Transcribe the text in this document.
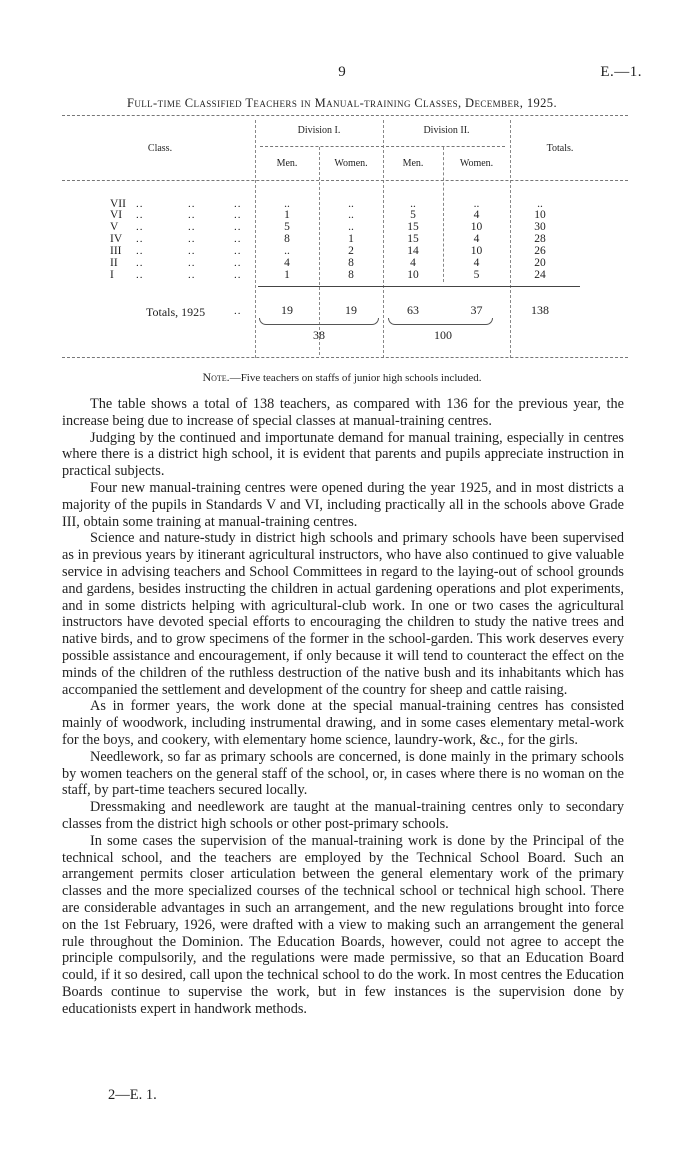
9	E.—1.
Full-time Classified Teachers in Manual-training Classes, December, 1925.
Class.
Division I.	Division II.
Totals.
Men.	Women.	Men.	Women.
VII ..	..	..	..	..	..	..	..
VI ..	..	..	1	..	5	4	10
V ..	..	..	5	..	15	10	30
IV ..	..	..	8	1	15	4	28
III ..	..	..	..	2	14	10	26
II ..	..	..	4	8	4	4	20
I ..	..	..	1	8	10	5	24
Totals, 1925	..	19	19	63	37	138
38	100
Note.—Five teachers on staffs of junior high schools included.

The table shows a total of 138 teachers, as compared with 136 for the previous year, the increase being due to increase of special classes at manual-training centres.

Judging by the continued and importunate demand for manual training, especially in centres where there is a district high school, it is evident that parents and pupils appreciate instruction in practical subjects.

Four new manual-training centres were opened during the year 1925, and in most districts a majority of the pupils in Standards V and VI, including practically all in the schools above Grade III, obtain some training at manual-training centres.

Science and nature-study in district high schools and primary schools have been supervised as in previous years by itinerant agricultural instructors, who have also continued to give valuable service in advising teachers and School Committees in regard to the laying-out of school grounds and gardens, besides instructing the children in actual gardening operations and plot experiments, and in some districts helping with agricultural-club work. In one or two cases the agricultural instructors have devoted special efforts to encouraging the children to study the native trees and native birds, and to grow specimens of the former in the school-garden. This work deserves every possible assistance and encouragement, if only because it will tend to counteract the effect on the minds of the children of the ruthless destruction of the native bush and its inhabitants which has accompanied the settlement and development of the country for sheep and cattle raising.

As in former years, the work done at the special manual-training centres has consisted mainly of woodwork, including instrumental drawing, and in some cases elementary metal-work for the boys, and cookery, with elementary home science, laundry-work, &c., for the girls.

Needlework, so far as primary schools are concerned, is done mainly in the primary schools by women teachers on the general staff of the school, or, in cases where there is no woman on the staff, by part-time teachers secured locally.

Dressmaking and needlework are taught at the manual-training centres only to secondary classes from the district high schools or other post-primary schools.

In some cases the supervision of the manual-training work is done by the Principal of the technical school, and the teachers are employed by the Technical School Board. Such an arrangement permits closer articulation between the general elementary work of the primary classes and the more specialized courses of the technical school or technical high school. There are considerable advantages in such an arrangement, and the new regulations brought into force on the 1st February, 1926, were drafted with a view to making such an arrangement the general rule throughout the Dominion. The Education Boards, however, could not agree to accept the principle compulsorily, and the regulations were made permissive, so that an Education Board could, if it so desired, call upon the technical school to do the work. In most centres the Education Boards continue to supervise the work, but in few instances is the supervision done by educationists expert in handwork methods.

2—E. 1.
